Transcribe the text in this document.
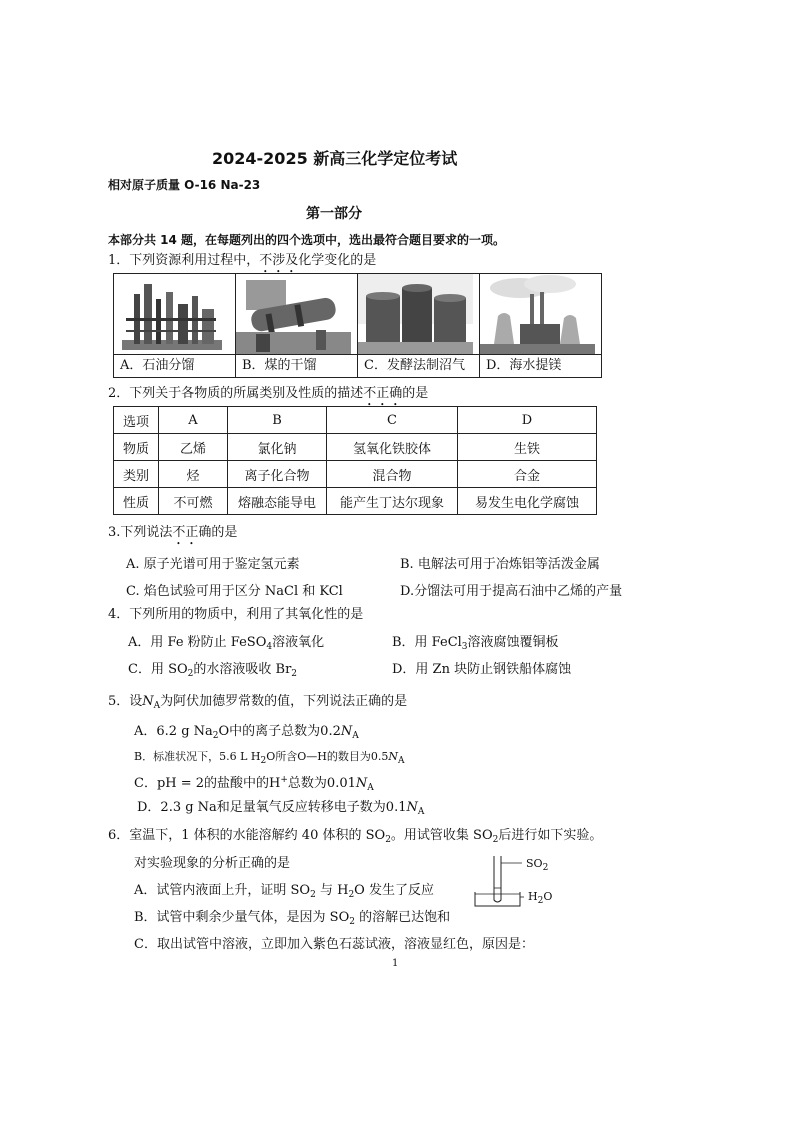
2024-2025 新高三化学定位考试
相对原子质量 O-16 Na-23
第一部分
本部分共 14 题，在每题列出的四个选项中，选出最符合题目要求的一项。
1．下列资源利用过程中，不涉及化学变化的是

A．石油分馏	B．煤的干馏	C．发酵法制沼气	D．海水提镁
2．下列关于各物质的所属类别及性质的描述不正确的是
选项	A	B	C	D
物质	乙烯	氯化钠	氢氧化铁胶体	生铁
类别	烃	离子化合物	混合物	合金
性质	不可燃	熔融态能导电	能产生丁达尔现象	易发生电化学腐蚀
3.下列说法不正确的是
A. 原子光谱可用于鉴定氢元素	B. 电解法可用于冶炼铝等活泼金属
C. 焰色试验可用于区分 NaCl 和 KCl	D.分馏法可用于提高石油中乙烯的产量
4．下列所用的物质中，利用了其氧化性的是
A．用 Fe 粉防止 FeSO$_4$溶液氧化	B．用 FeCl$_3$溶液腐蚀覆铜板
C．用 $SO_2$的水溶液吸收 $Br_2$	D．用 Zn 块防止钢铁船体腐蚀
5．设$N_A$为阿伏加德罗常数的值，下列说法正确的是
A．6.2 g $Na_2O$中的离子总数为$0.2N_A$
B．标准状况下，5.6 L $H_2O$所含O—H的数目为$0.5N_A$
C．pH = 2的盐酸中的H+总数为$0.01N_A$
D．2.3 g Na和足量氧气反应转移电子数为$0.1N_A$
6．室温下，1 体积的水能溶解约 40 体积的 $SO_2$。用试管收集 $SO_2$后进行如下实验。
对实验现象的分析正确的是
A．试管内液面上升，证明 $SO_2$ 与 $H_2O$ 发生了反应
B．试管中剩余少量气体，是因为 $SO_2$ 的溶解已达饱和
C．取出试管中溶液，立即加入紫色石蕊试液，溶液显红色，原因是：
$SO_2$
$H_2O$
1
